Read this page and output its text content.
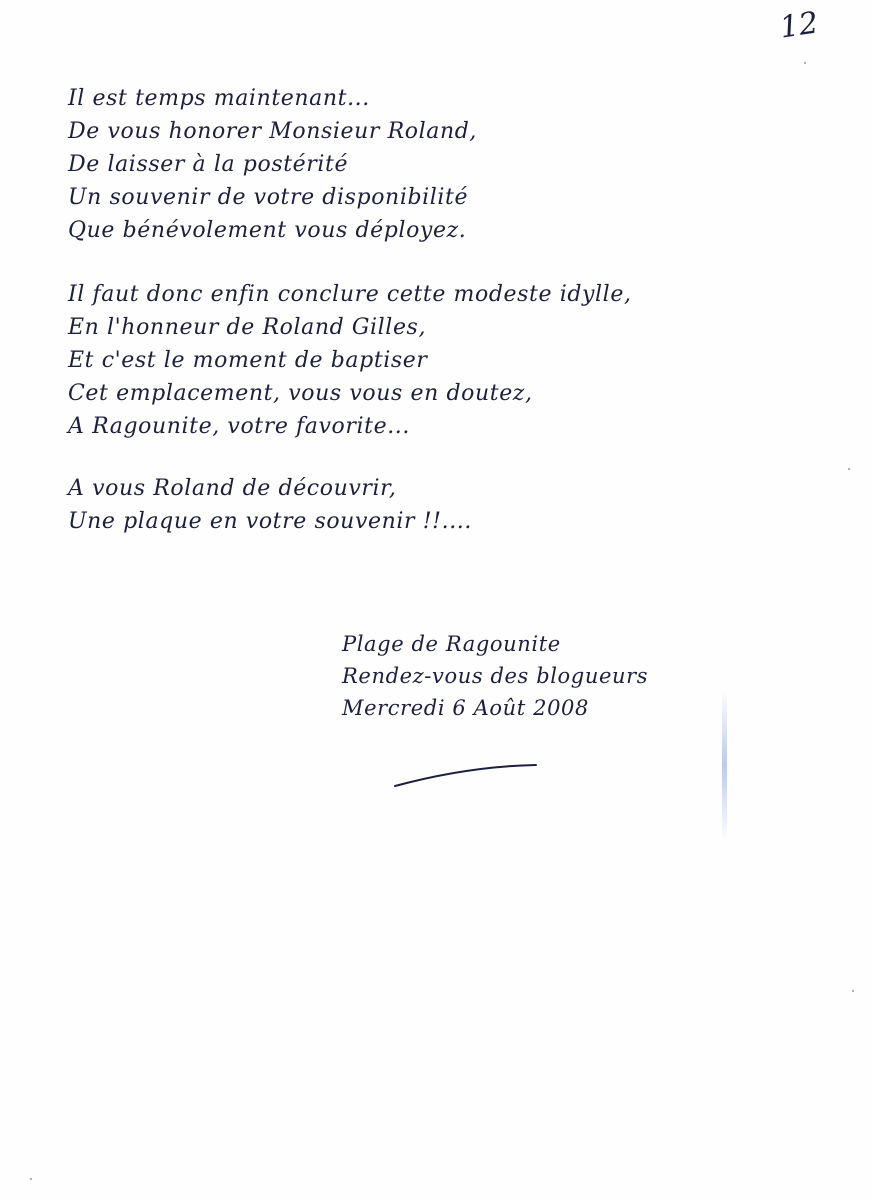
12
Il est temps maintenant...
De vous honorer Monsieur Roland,
De laisser à la postérité
Un souvenir de votre disponibilité
Que bénévolement vous déployez.
Il faut donc enfin conclure cette modeste idylle,
En l'honneur de Roland Gilles,
Et c'est le moment de baptiser
Cet emplacement, vous vous en doutez,
A Ragounite, votre favorite...
A vous Roland de découvrir,
Une plaque en votre souvenir !!....
Plage de Ragounite
Rendez-vous des blogueurs
Mercredi 6 Août 2008
